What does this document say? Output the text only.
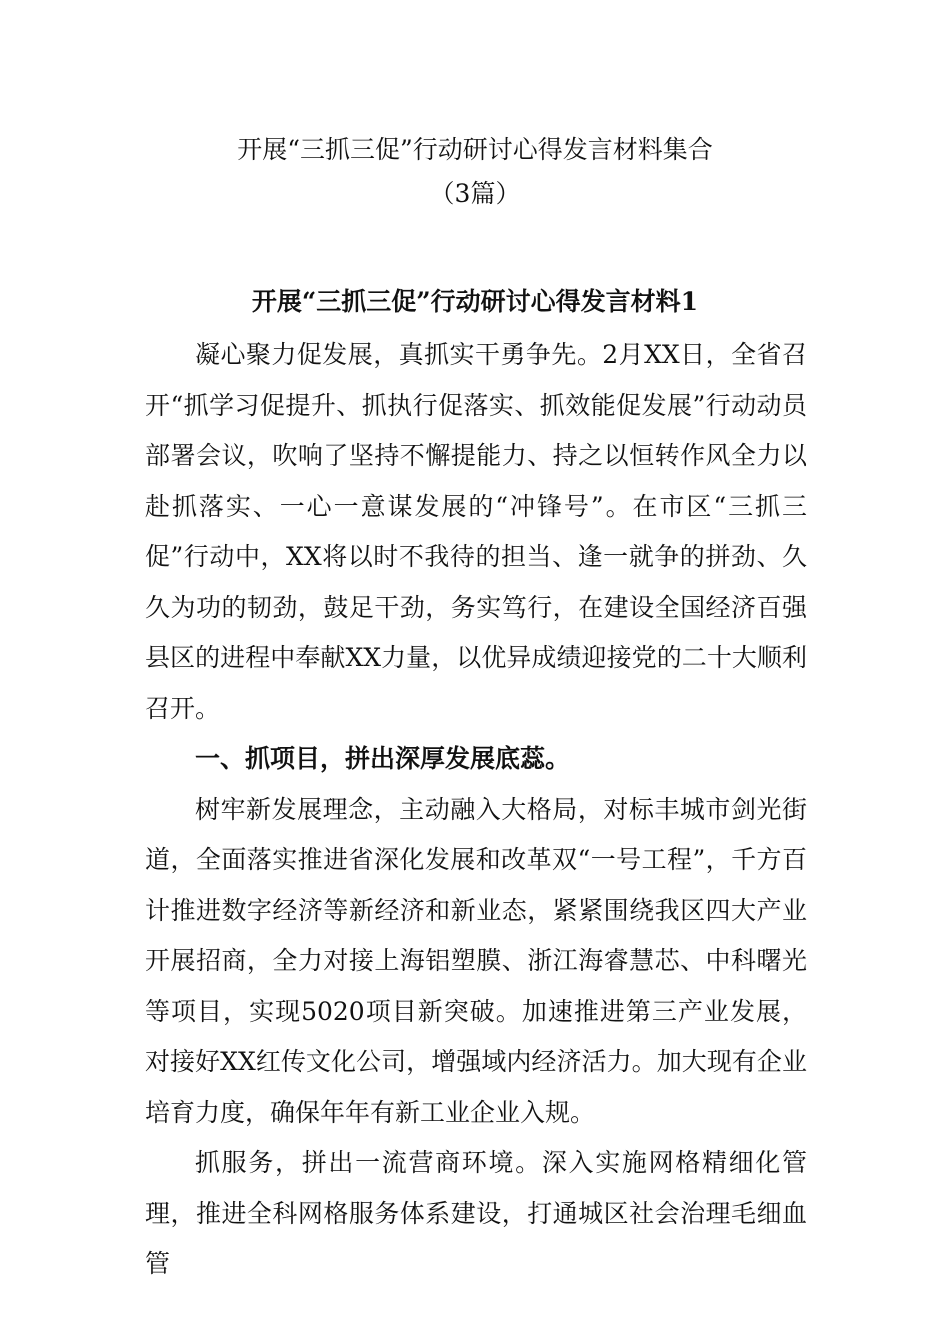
开展“三抓三促”行动研讨心得发言材料集合
（3篇）
开展“三抓三促”行动研讨心得发言材料1

凝心聚力促发展，真抓实干勇争先。2月XX日，全省召开“抓学习促提升、抓执行促落实、抓效能促发展”行动动员部署会议，吹响了坚持不懈提能力、持之以恒转作风全力以赴抓落实、一心一意谋发展的“冲锋号”。在市区“三抓三促”行动中，XX将以时不我待的担当、逢一就争的拼劲、久久为功的韧劲，鼓足干劲，务实笃行，在建设全国经济百强县区的进程中奉献XX力量，以优异成绩迎接党的二十大顺利召开。

一、抓项目，拼出深厚发展底蕊。

树牢新发展理念，主动融入大格局，对标丰城市剑光街道，全面落实推进省深化发展和改革双“一号工程”，千方百计推进数字经济等新经济和新业态，紧紧围绕我区四大产业开展招商，全力对接上海铝塑膜、浙江海睿慧芯、中科曙光等项目，实现5020项目新突破。加速推进第三产业发展，对接好XX红传文化公司，增强域内经济活力。加大现有企业培育力度，确保年年有新工业企业入规。

抓服务，拼出一流营商环境。深入实施网格精细化管理，推进全科网格服务体系建设，打通城区社会治理毛细血管
